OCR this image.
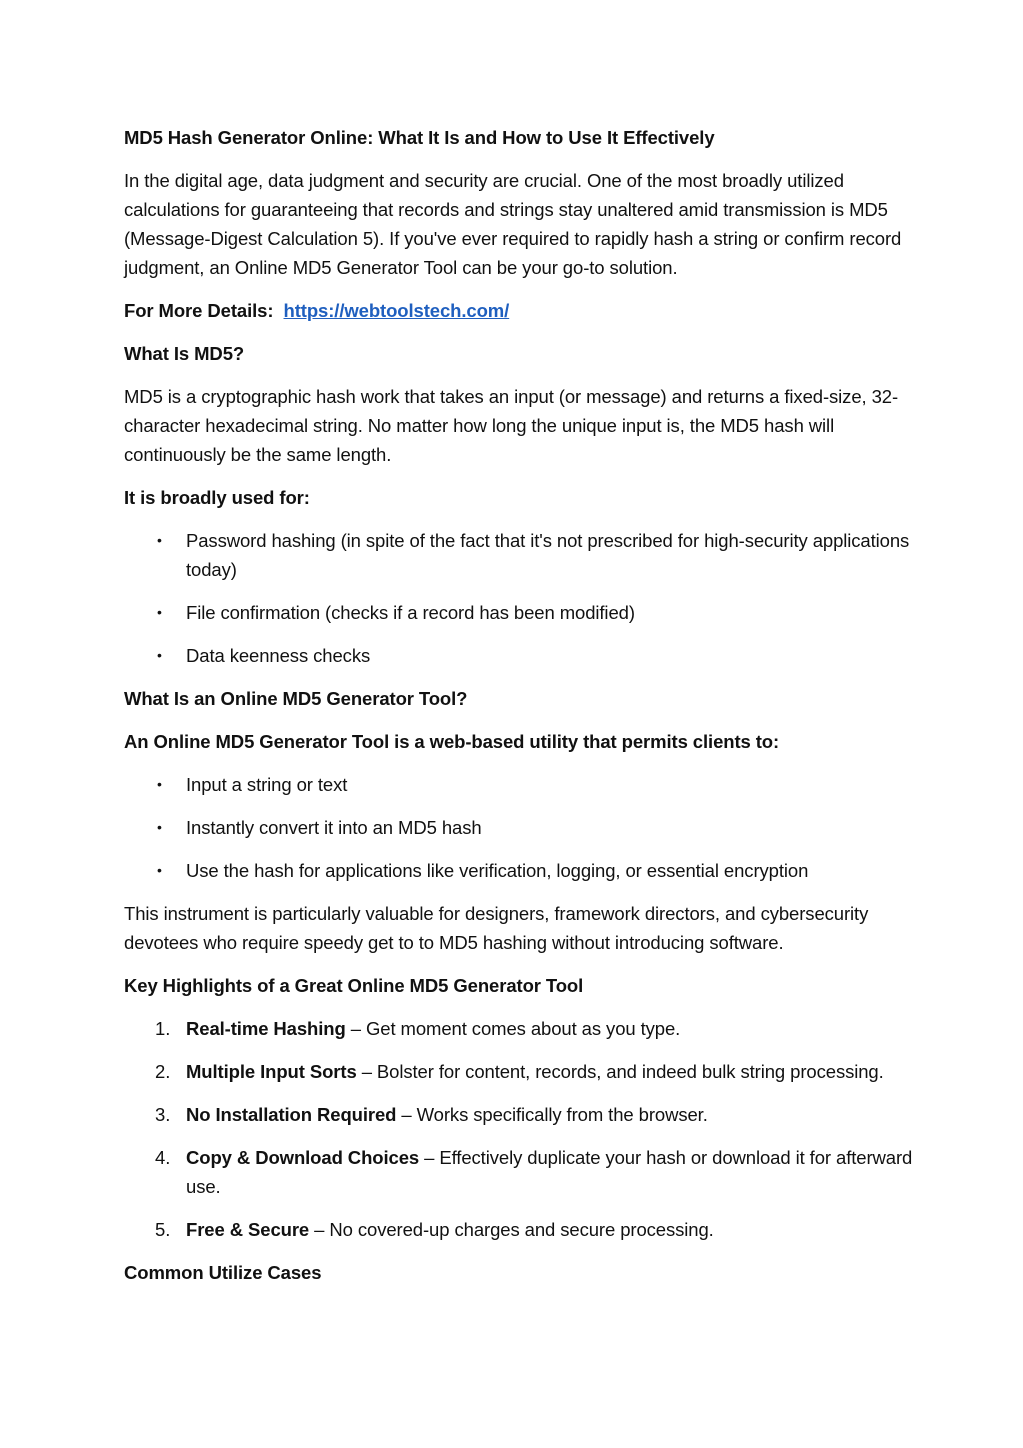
MD5 Hash Generator Online: What It Is and How to Use It Effectively
In the digital age, data judgment and security are crucial. One of the most broadly utilized calculations for guaranteeing that records and strings stay unaltered amid transmission is MD5 (Message-Digest Calculation 5). If you've ever required to rapidly hash a string or confirm record judgment, an Online MD5 Generator Tool can be your go-to solution.
For More Details: https://webtoolstech.com/
What Is MD5?
MD5 is a cryptographic hash work that takes an input (or message) and returns a fixed-size, 32-character hexadecimal string. No matter how long the unique input is, the MD5 hash will continuously be the same length.
It is broadly used for:
• Password hashing (in spite of the fact that it's not prescribed for high-security applications today)
• File confirmation (checks if a record has been modified)
• Data keenness checks
What Is an Online MD5 Generator Tool?
An Online MD5 Generator Tool is a web-based utility that permits clients to:
• Input a string or text
• Instantly convert it into an MD5 hash
• Use the hash for applications like verification, logging, or essential encryption
This instrument is particularly valuable for designers, framework directors, and cybersecurity devotees who require speedy get to to MD5 hashing without introducing software.
Key Highlights of a Great Online MD5 Generator Tool
1. Real-time Hashing – Get moment comes about as you type.
2. Multiple Input Sorts – Bolster for content, records, and indeed bulk string processing.
3. No Installation Required – Works specifically from the browser.
4. Copy & Download Choices – Effectively duplicate your hash or download it for afterward use.
5. Free & Secure – No covered-up charges and secure processing.
Common Utilize Cases
